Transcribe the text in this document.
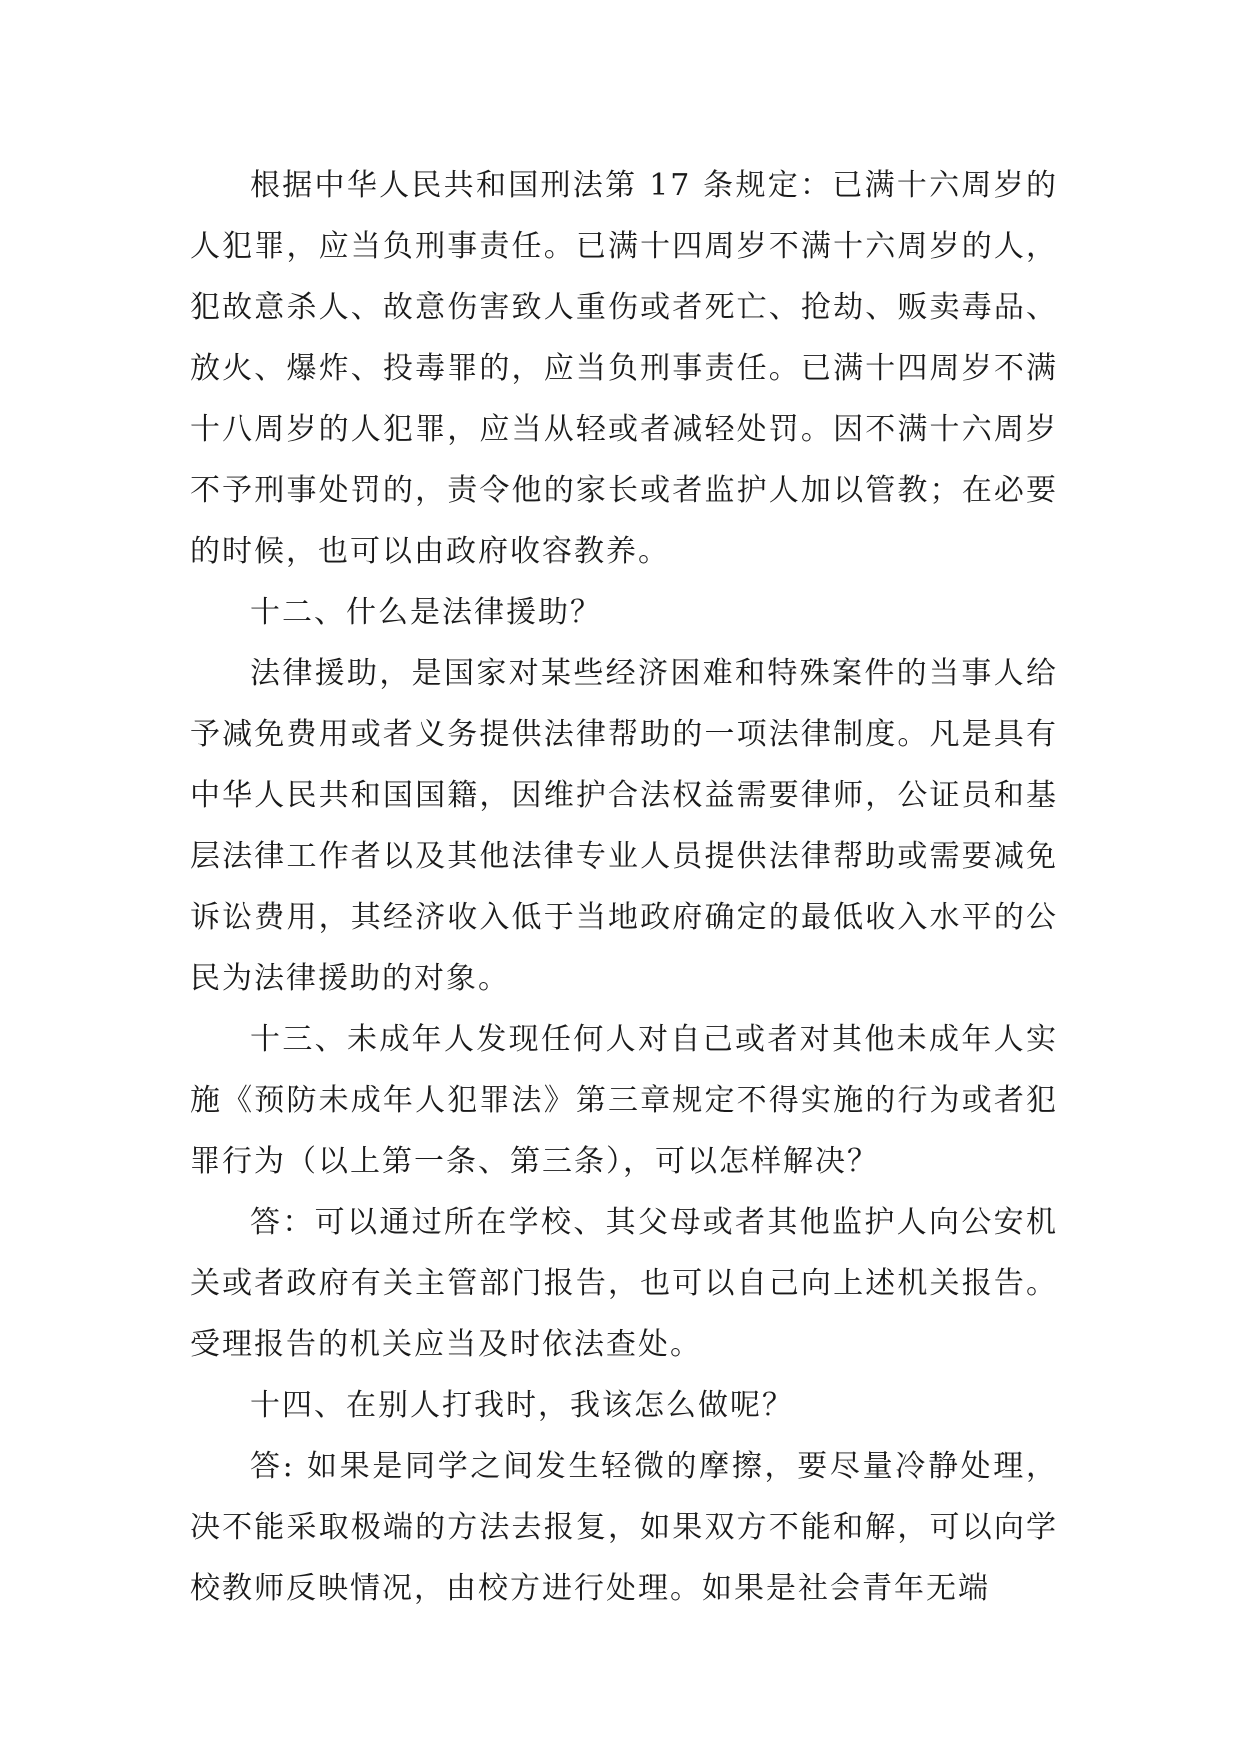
根据中华人民共和国刑法第 17 条规定：已满十六周岁的人犯罪，应当负刑事责任。已满十四周岁不满十六周岁的人，犯故意杀人、故意伤害致人重伤或者死亡、抢劫、贩卖毒品、放火、爆炸、投毒罪的，应当负刑事责任。已满十四周岁不满十八周岁的人犯罪，应当从轻或者减轻处罚。因不满十六周岁不予刑事处罚的，责令他的家长或者监护人加以管教；在必要的时候，也可以由政府收容教养。

十二、什么是法律援助？

法律援助，是国家对某些经济困难和特殊案件的当事人给予减免费用或者义务提供法律帮助的一项法律制度。凡是具有中华人民共和国国籍，因维护合法权益需要律师，公证员和基层法律工作者以及其他法律专业人员提供法律帮助或需要减免诉讼费用，其经济收入低于当地政府确定的最低收入水平的公民为法律援助的对象。

十三、未成年人发现任何人对自己或者对其他未成年人实施《预防未成年人犯罪法》第三章规定不得实施的行为或者犯罪行为（以上第一条、第三条），可以怎样解决？

答：可以通过所在学校、其父母或者其他监护人向公安机关或者政府有关主管部门报告，也可以自己向上述机关报告。受理报告的机关应当及时依法查处。

十四、在别人打我时，我该怎么做呢？

答: 如果是同学之间发生轻微的摩擦，要尽量冷静处理，决不能采取极端的方法去报复，如果双方不能和解，可以向学校教师反映情况，由校方进行处理。如果是社会青年无端
